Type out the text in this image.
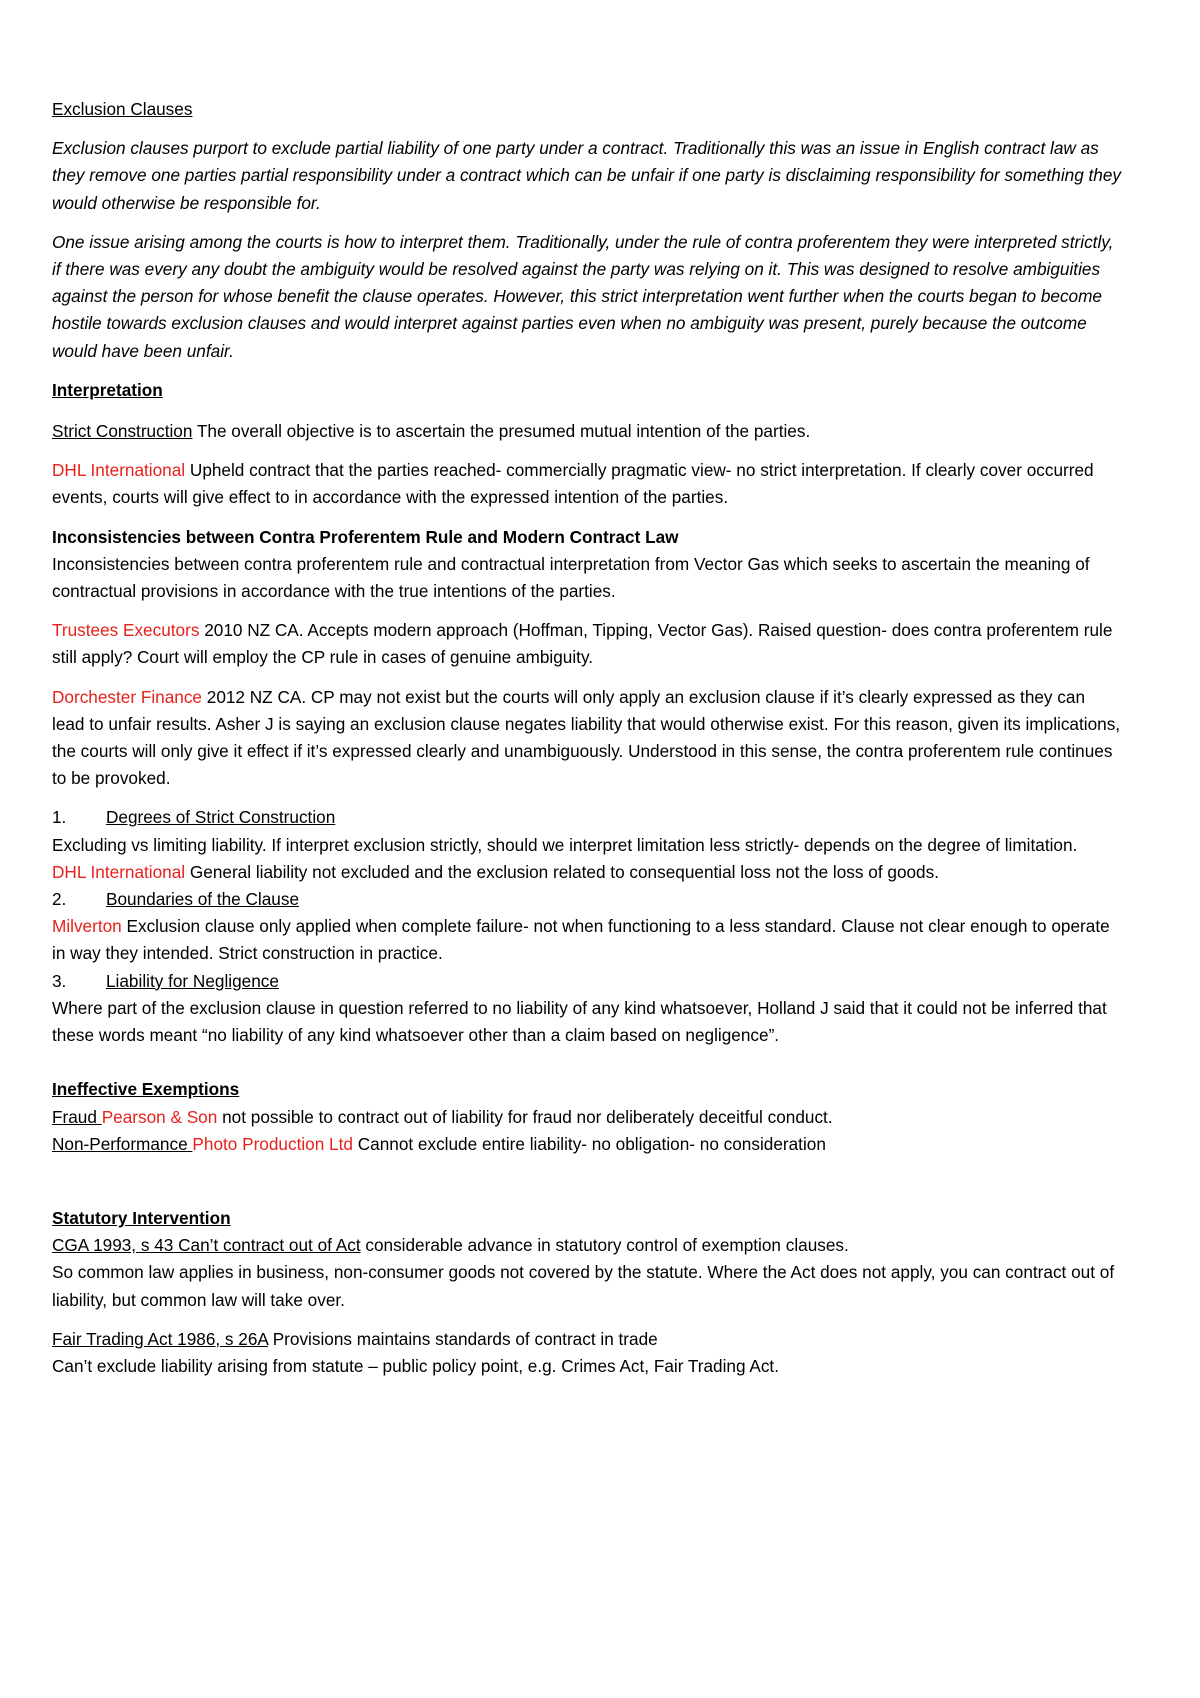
Exclusion Clauses

Exclusion clauses purport to exclude partial liability of one party under a contract. Traditionally this was an issue in English contract law as they remove one parties partial responsibility under a contract which can be unfair if one party is disclaiming responsibility for something they would otherwise be responsible for.

One issue arising among the courts is how to interpret them. Traditionally, under the rule of contra proferentem they were interpreted strictly, if there was every any doubt the ambiguity would be resolved against the party was relying on it. This was designed to resolve ambiguities against the person for whose benefit the clause operates. However, this strict interpretation went further when the courts began to become hostile towards exclusion clauses and would interpret against parties even when no ambiguity was present, purely because the outcome would have been unfair.

Interpretation

Strict Construction The overall objective is to ascertain the presumed mutual intention of the parties.

DHL International Upheld contract that the parties reached- commercially pragmatic view- no strict interpretation. If clearly cover occurred events, courts will give effect to in accordance with the expressed intention of the parties.

Inconsistencies between Contra Proferentem Rule and Modern Contract Law

Inconsistencies between contra proferentem rule and contractual interpretation from Vector Gas which seeks to ascertain the meaning of contractual provisions in accordance with the true intentions of the parties.

Trustees Executors 2010 NZ CA. Accepts modern approach (Hoffman, Tipping, Vector Gas). Raised question- does contra proferentem rule still apply? Court will employ the CP rule in cases of genuine ambiguity.

Dorchester Finance 2012 NZ CA. CP may not exist but the courts will only apply an exclusion clause if it’s clearly expressed as they can lead to unfair results. Asher J is saying an exclusion clause negates liability that would otherwise exist. For this reason, given its implications, the courts will only give it effect if it’s expressed clearly and unambiguously. Understood in this sense, the contra proferentem rule continues to be provoked.

1. Degrees of Strict Construction

Excluding vs limiting liability. If interpret exclusion strictly, should we interpret limitation less strictly- depends on the degree of limitation.

DHL International General liability not excluded and the exclusion related to consequential loss not the loss of goods.

2. Boundaries of the Clause

Milverton Exclusion clause only applied when complete failure- not when functioning to a less standard. Clause not clear enough to operate in way they intended. Strict construction in practice.

3. Liability for Negligence

Where part of the exclusion clause in question referred to no liability of any kind whatsoever, Holland J said that it could not be inferred that these words meant “no liability of any kind whatsoever other than a claim based on negligence”.

Ineffective Exemptions

Fraud Pearson & Son not possible to contract out of liability for fraud nor deliberately deceitful conduct.

Non-Performance Photo Production Ltd Cannot exclude entire liability- no obligation- no consideration

Statutory Intervention

CGA 1993, s 43 Can’t contract out of Act considerable advance in statutory control of exemption clauses.

So common law applies in business, non-consumer goods not covered by the statute. Where the Act does not apply, you can contract out of liability, but common law will take over.

Fair Trading Act 1986, s 26A Provisions maintains standards of contract in trade

Can’t exclude liability arising from statute – public policy point, e.g. Crimes Act, Fair Trading Act.
